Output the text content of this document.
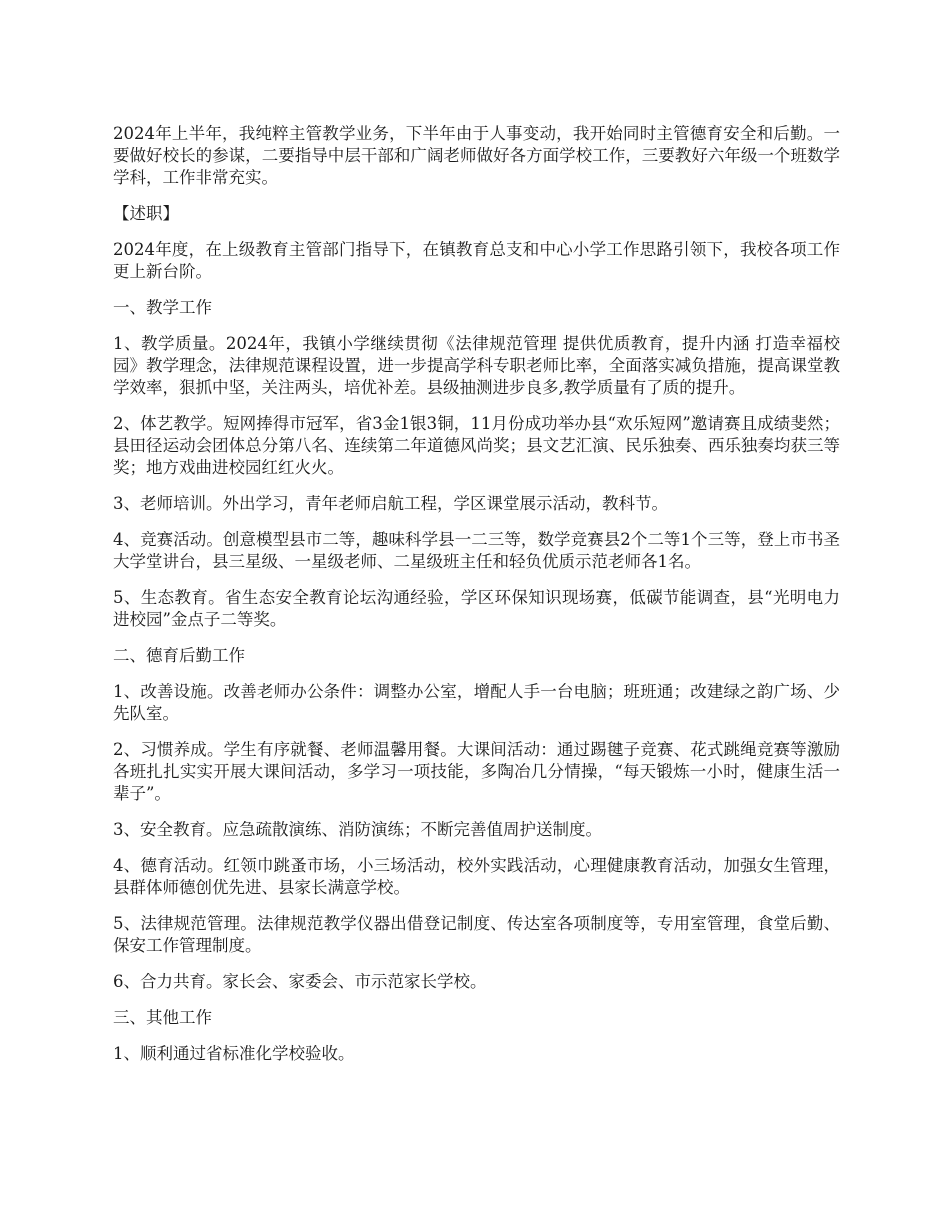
2024年上半年，我纯粹主管教学业务，下半年由于人事变动，我开始同时主管德育安全和后勤。一要做好校长的参谋，二要指导中层干部和广阔老师做好各方面学校工作，三要教好六年级一个班数学学科，工作非常充实。

【述职】

2024年度，在上级教育主管部门指导下，在镇教育总支和中心小学工作思路引领下，我校各项工作更上新台阶。

一、教学工作

1、教学质量。2024年，我镇小学继续贯彻《法律规范管理 提供优质教育，提升内涵 打造幸福校园》教学理念，法律规范课程设置，进一步提高学科专职老师比率，全面落实减负措施，提高课堂教学效率，狠抓中坚，关注两头，培优补差。县级抽测进步良多,教学质量有了质的提升。

2、体艺教学。短网捧得市冠军，省3金1银3铜，11月份成功举办县“欢乐短网”邀请赛且成绩斐然；县田径运动会团体总分第八名、连续第二年道德风尚奖；县文艺汇演、民乐独奏、西乐独奏均获三等奖；地方戏曲进校园红红火火。

3、老师培训。外出学习，青年老师启航工程，学区课堂展示活动，教科节。

4、竞赛活动。创意模型县市二等，趣味科学县一二三等，数学竞赛县2个二等1个三等，登上市书圣大学堂讲台，县三星级、一星级老师、二星级班主任和轻负优质示范老师各1名。

5、生态教育。省生态安全教育论坛沟通经验，学区环保知识现场赛，低碳节能调查，县“光明电力进校园”金点子二等奖。

二、德育后勤工作

1、改善设施。改善老师办公条件：调整办公室，增配人手一台电脑；班班通；改建绿之韵广场、少先队室。

2、习惯养成。学生有序就餐、老师温馨用餐。大课间活动：通过踢毽子竞赛、花式跳绳竞赛等激励各班扎扎实实开展大课间活动，多学习一项技能，多陶冶几分情操，“每天锻炼一小时，健康生活一辈子”。

3、安全教育。应急疏散演练、消防演练；不断完善值周护送制度。

4、德育活动。红领巾跳蚤市场，小三场活动，校外实践活动，心理健康教育活动，加强女生管理，县群体师德创优先进、县家长满意学校。

5、法律规范管理。法律规范教学仪器出借登记制度、传达室各项制度等，专用室管理，食堂后勤、保安工作管理制度。

6、合力共育。家长会、家委会、市示范家长学校。

三、其他工作

1、顺利通过省标准化学校验收。
